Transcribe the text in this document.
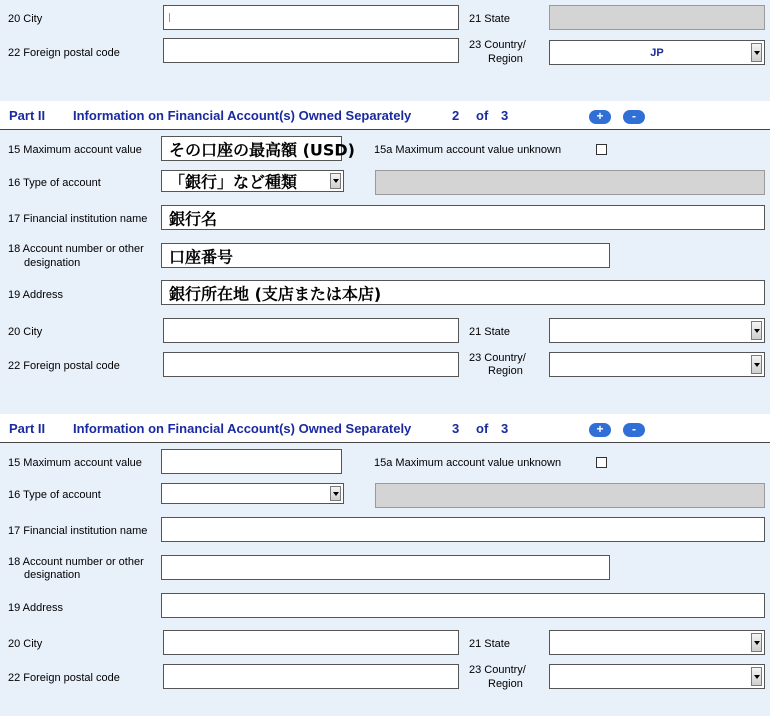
20 City	21 State
22 Foreign postal code
23 Country/
Region	JP
Part II Information on Financial Account(s) Owned Separately	2 of 3	+	-
15 Maximum account value その口座の最高額 (USD) 15a Maximum account value unknown
16 Type of account	「銀行」など種類
17 Financial institution name 銀行名
18 Account number or other
designation	口座番号
19 Address	銀行所在地 (支店または本店)
20 City	21 State
22 Foreign postal code
23 Country/
Region
Part II Information on Financial Account(s) Owned Separately	3 of 3	+	-
15 Maximum account value	15a Maximum account value unknown
16 Type of account
17 Financial institution name
18 Account number or other
designation
19 Address
20 City	21 State
22 Foreign postal code
23 Country/
Region
